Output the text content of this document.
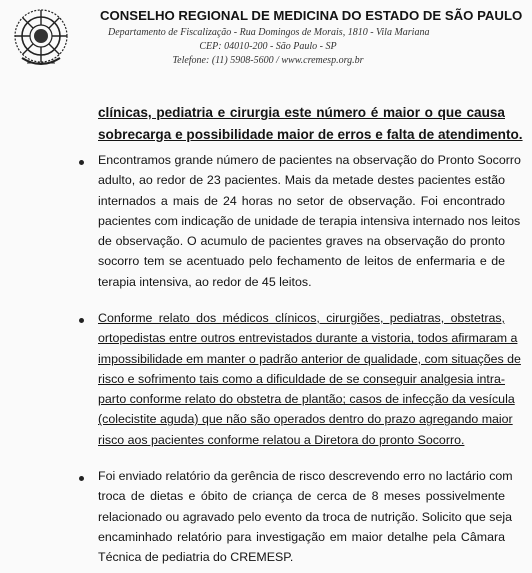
CONSELHO REGIONAL DE MEDICINA DO ESTADO DE SÃO PAULO
Departamento de Fiscalização - Rua Domingos de Morais, 1810 - Vila Mariana
CEP: 04010-200 - São Paulo - SP
Telefone: (11) 5908-5600 / www.cremesp.org.br
clínicas, pediatria e cirurgia este número é maior o que causa
sobrecarga e possibilidade maior de erros e falta de atendimento.
Encontramos grande número de pacientes na observação do Pronto Socorro
adulto, ao redor de 23 pacientes. Mais da metade destes pacientes estão
internados a mais de 24 horas no setor de observação. Foi encontrado
pacientes com indicação de unidade de terapia intensiva internado nos leitos
de observação. O acumulo de pacientes graves na observação do pronto
socorro tem se acentuado pelo fechamento de leitos de enfermaria e de
terapia intensiva, ao redor de 45 leitos.
Conforme relato dos médicos clínicos, cirurgiões, pediatras, obstetras,
ortopedistas entre outros entrevistados durante a vistoria, todos afirmaram a
impossibilidade em manter o padrão anterior de qualidade, com situações de
risco e sofrimento tais como a dificuldade de se conseguir analgesia intra-
parto conforme relato do obstetra de plantão; casos de infecção da vesícula
(colecistite aguda) que não são operados dentro do prazo agregando maior
risco aos pacientes conforme relatou a Diretora do pronto Socorro.
Foi enviado relatório da gerência de risco descrevendo erro no lactário com
troca de dietas e óbito de criança de cerca de 8 meses possivelmente
relacionado ou agravado pelo evento da troca de nutrição. Solicito que seja
encaminhado relatório para investigação em maior detalhe pela Câmara
Técnica de pediatria do CREMESP.
